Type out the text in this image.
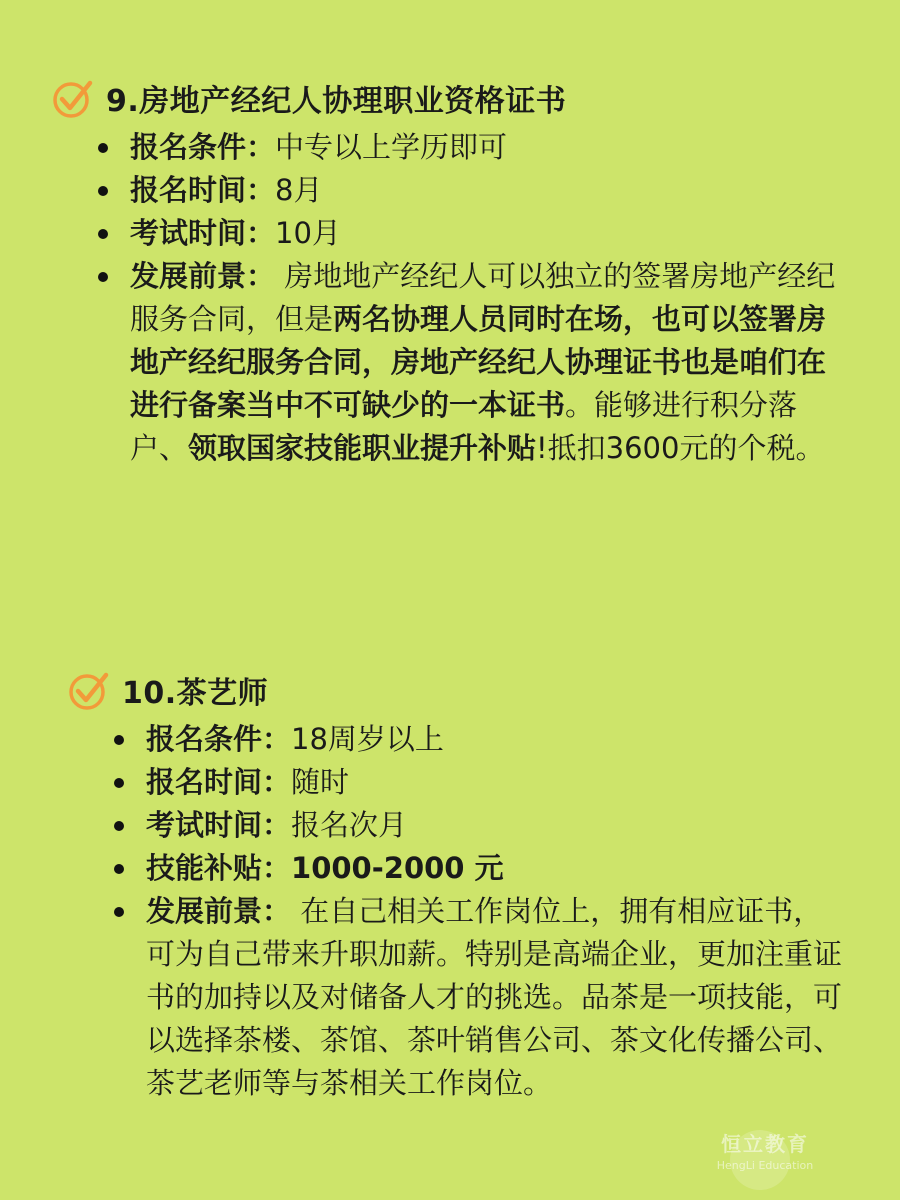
9.房地产经纪人协理职业资格证书
报名条件：中专以上学历即可
报名时间：8月
考试时间：10月
发展前景： 房地地产经纪人可以独立的签署房地产经纪服务合同，但是两名协理人员同时在场，也可以签署房地产经纪服务合同，房地产经纪人协理证书也是咱们在进行备案当中不可缺少的一本证书。能够进行积分落户、领取国家技能职业提升补贴!抵扣3600元的个税。
10.茶艺师
报名条件：18周岁以上
报名时间：随时
考试时间：报名次月
技能补贴：1000-2000 元
发展前景： 在自己相关工作岗位上，拥有相应证书，可为自己带来升职加薪。特别是高端企业，更加注重证书的加持以及对储备人才的挑选。品茶是一项技能，可以选择茶楼、茶馆、茶叶销售公司、茶文化传播公司、茶艺老师等与茶相关工作岗位。
恒立教育
HengLi Education
